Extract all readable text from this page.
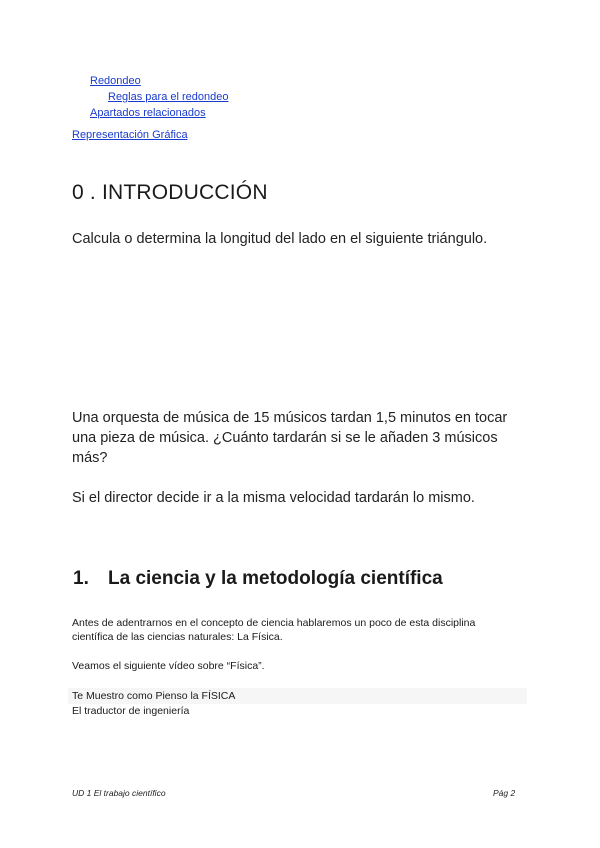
Redondeo
Reglas para el redondeo
Apartados relacionados
Representación Gráfica
0 . INTRODUCCIÓN
Calcula o determina la longitud del lado en el siguiente triángulo.
Una orquesta de música de 15 músicos tardan 1,5 minutos en tocar
una pieza de música. ¿Cuánto tardarán si se le añaden 3 músicos
más?
Si el director decide ir a la misma velocidad tardarán lo mismo.
1. La ciencia y la metodología científica
Antes de adentrarnos en el concepto de ciencia hablaremos un poco de esta disciplina
científica de las ciencias naturales: La Física.
Veamos el siguiente vídeo sobre “Física”.
Te Muestro como Pienso la FÍSICA
El traductor de ingeniería
UD 1 El trabajo científico	Pág 2
